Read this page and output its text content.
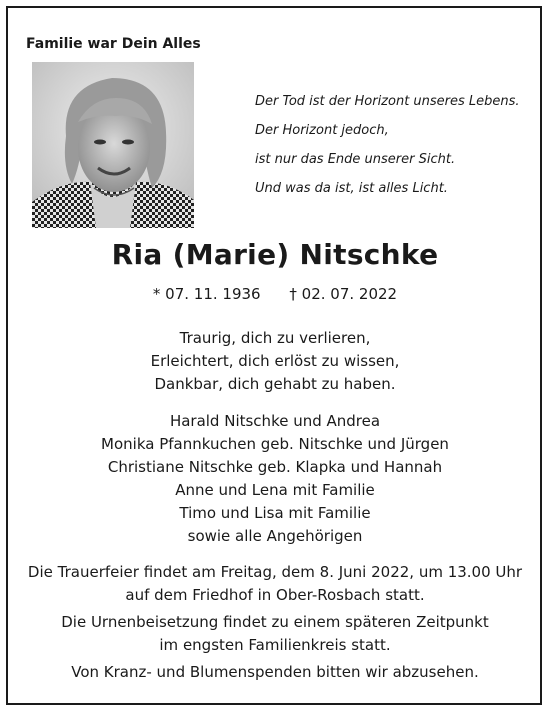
Familie war Dein Alles
Der Tod ist der Horizont unseres Lebens.
Der Horizont jedoch,
ist nur das Ende unserer Sicht.
Und was da ist, ist alles Licht.
Ria (Marie) Nitschke
* 07. 11. 1936 † 02. 07. 2022
Traurig, dich zu verlieren,
Erleichtert, dich erlöst zu wissen,
Dankbar, dich gehabt zu haben.
Harald Nitschke und Andrea
Monika Pfannkuchen geb. Nitschke und Jürgen
Christiane Nitschke geb. Klapka und Hannah
Anne und Lena mit Familie
Timo und Lisa mit Familie
sowie alle Angehörigen
Die Trauerfeier findet am Freitag, dem 8. Juni 2022, um 13.00 Uhr
auf dem Friedhof in Ober-Rosbach statt.
Die Urnenbeisetzung findet zu einem späteren Zeitpunkt
im engsten Familienkreis statt.
Von Kranz- und Blumenspenden bitten wir abzusehen.
